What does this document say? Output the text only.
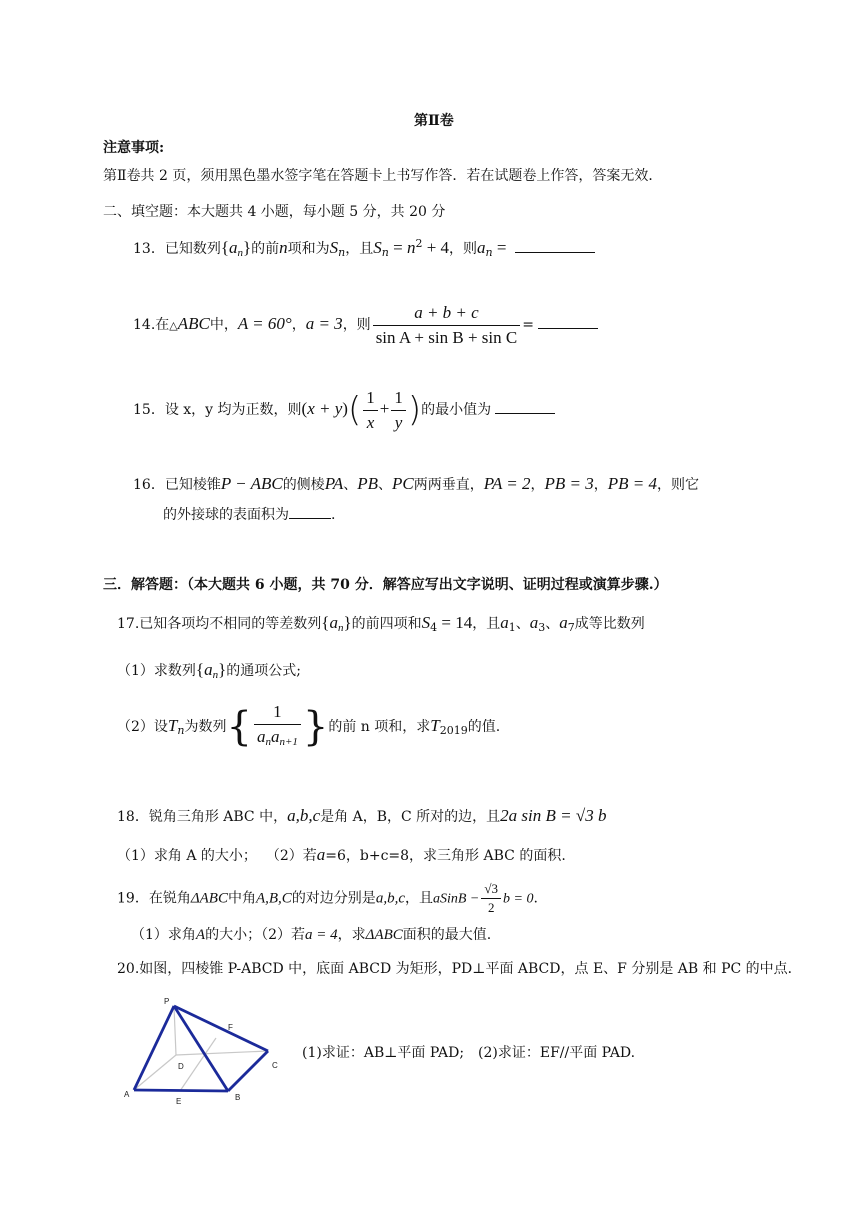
第Ⅱ卷
注意事项:
第Ⅱ卷共 2 页，须用黑色墨水签字笔在答题卡上书写作答．若在试题卷上作答，答案无效．
二、填空题：本大题共 4 小题，每小题 5 分，共 20 分
13．已知数列$\{a_n\}$的前n项和为$S_n$，且$S_n = n^2 + 4$，则$a_n$ =
14.在△ABC中，A = 60°，a = 3，则 $\frac{a + b + c}{\text{sin A + sin B + sin C}}$ =
15．设 x，y 均为正数，则$(x + y)( \frac{1}{x} + \frac{1}{y}$ )的最小值为
16．已知棱锥P − ABC的侧棱PA、PB、PC两两垂直，PA = 2，PB = 3，PB = 4，则它
的外接球的表面积为	.
三．解答题：（本大题共 6 小题，共 70 分．解答应写出文字说明、证明过程或演算步骤.）
17.已知各项均不相同的等差数列$\{a_n\}$的前四项和$S_4 = 14$，且$a_1$、$a_3$、$a_7$成等比数列
（1）求数列$\{a_n\}$的通项公式;
（2）设$T_n$为数列{ $\frac{1}{a_na_{n+1}}$ }的前 n 项和，求$T_{2019}$的值.
18．锐角三角形 ABC 中，a,b,c是角 A，B，C 所对的边，且2a sin B = √3 b
（1）求角 A 的大小； （2）若a=6，b+c=8，求三角形 ABC 的面积.
19．在锐角ΔABC中角A,B,C的对边分别是a,b,c，且aSinB − $\frac{√3}{2}$ b = 0.
（1）求角A的大小；（2）若a = 4，求ΔABC面积的最大值.
20.如图，四棱锥 P-ABCD 中，底面 ABCD 为矩形，PD⊥平面 ABCD，点 E、F 分别是 AB 和 PC 的中点．
P
F
D	C
A
E	B
(1)求证：AB⊥平面 PAD;　(2)求证：EF//平面 PAD.
